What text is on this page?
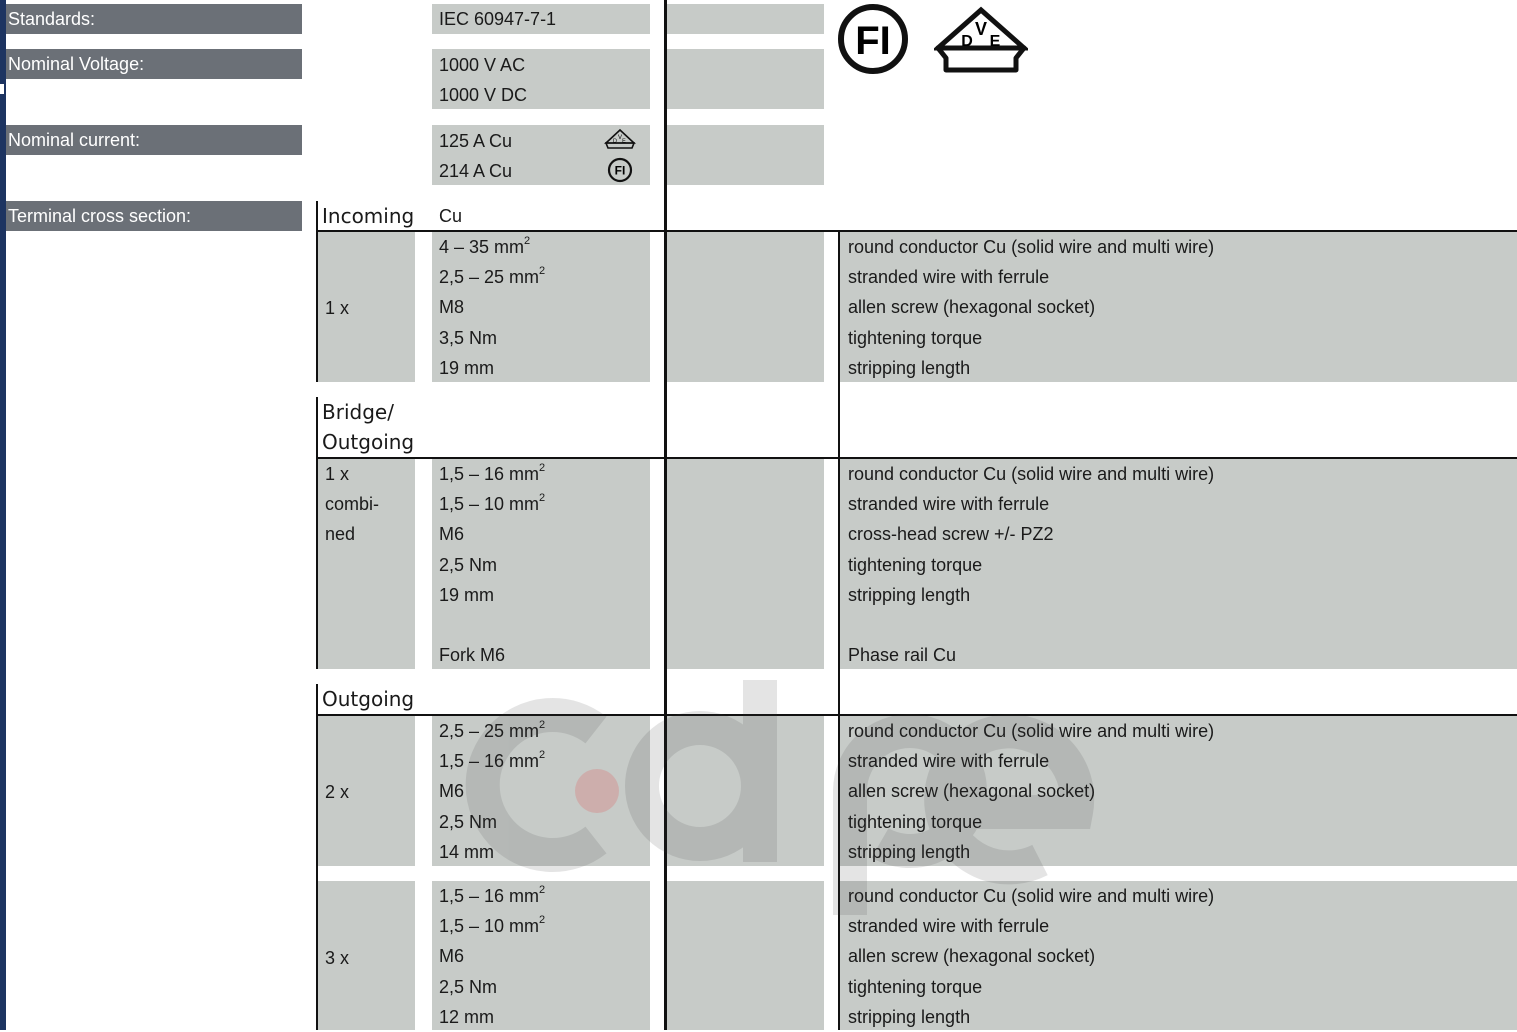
Standards:
Nominal Voltage:
Nominal current:
Terminal cross section:
IEC 60947-7-1
1000 V AC
1000 V DC
125 A Cu
214 A Cu
V
D E
FI
FI	V
D E
Incoming Cu
1 x
4 – 35 $mm^2$
2,5 – 25 $mm^2$
M8
3,5 Nm
19 mm
round conductor Cu (solid wire and multi wire)
stranded wire with ferrule
allen screw (hexagonal socket)
tightening torque
stripping length
Bridge/
Outgoing
1 x
combi-
ned
1,5 – 16 $mm^2$
1,5 – 10 $mm^2$
M6
2,5 Nm
19 mm
Fork M6
round conductor Cu (solid wire and multi wire)
stranded wire with ferrule
cross-head screw +/- PZ2
tightening torque
stripping length
Phase rail Cu
Outgoing
2 x
2,5 – 25 $mm^2$
1,5 – 16 $mm^2$
M6
2,5 Nm
14 mm
round conductor Cu (solid wire and multi wire)
stranded wire with ferrule
allen screw (hexagonal socket)
tightening torque
stripping length
3 x
1,5 – 16 $mm^2$
1,5 – 10 $mm^2$
M6
2,5 Nm
12 mm
round conductor Cu (solid wire and multi wire)
stranded wire with ferrule
allen screw (hexagonal socket)
tightening torque
stripping length
